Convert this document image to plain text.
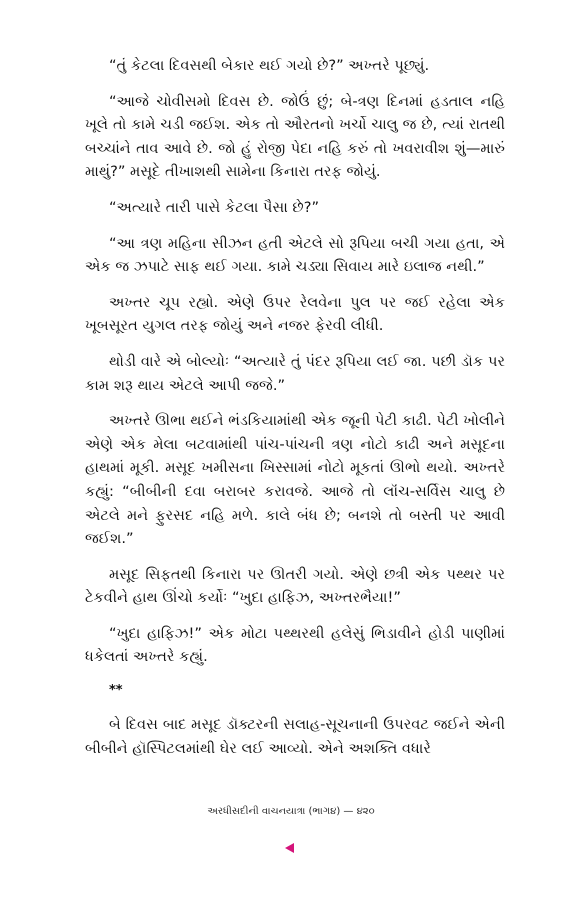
“તું કેટલા દિવસથી બેકાર થઈ ગયો છે?” અખ્તરે પૂછ્યું.

“આજે ચોવીસમો દિવસ છે. જોઉં છું; બે-ત્રણ દિનમાં હડતાલ નહિ ખૂલે તો કામે ચડી જઈશ. એક તો ઔરતનો ખર્ચો ચાલુ જ છે, ત્યાં રાતથી બચ્ચાંને તાવ આવે છે. જો હું રોજી પેદા નહિ કરું તો ખવરાવીશ શું—મારું માથું?” મસૂદે તીખાશથી સામેના કિનારા તરફ જોયું.

“અત્યારે તારી પાસે કેટલા પૈસા છે?”

“આ ત્રણ મહિના સીઝન હતી એટલે સો રૂપિયા બચી ગયા હતા, એ એક જ ઝપાટે સાફ થઈ ગયા. કામે ચડ્યા સિવાય મારે ઇલાજ નથી.”

અખ્તર ચૂપ રહ્યો. એણે ઉપર રેલવેના પુલ પર જઈ રહેલા એક ખૂબસૂરત યુગલ તરફ જોયું અને નજર ફેરવી લીધી.

થોડી વારે એ બોલ્યોઃ “અત્યારે તું પંદર રૂપિયા લઈ જા. પછી ડૉક પર કામ શરૂ થાય એટલે આપી જજે.”

અખ્તરે ઊભા થઈને ભંડકિયામાંથી એક જૂની પેટી કાઢી. પેટી ખોલીને એણે એક મેલા બટવામાંથી પાંચ-પાંચની ત્રણ નોટો કાઢી અને મસૂદના હાથમાં મૂકી. મસૂદ ખમીસના ખિસ્સામાં નોટો મૂકતાં ઊભો થયો. અખ્તરે કહ્યું: “બીબીની દવા બરાબર કરાવજે. આજે તો લૉંચ-સર્વિસ ચાલુ છે એટલે મને ફુરસદ નહિ મળે. કાલે બંધ છે; બનશે તો બસ્તી પર આવી જઈશ.”

મસૂદ સિફતથી કિનારા પર ઊતરી ગયો. એણે છત્રી એક પથ્થર પર ટેકવીને હાથ ઊંચો કર્યોઃ “ખુદા હાફિઝ, અખ્તરભૈયા!”

“ખુદા હાફિઝ!” એક મોટા પથ્થરથી હલેસું ભિડાવીને હોડી પાણીમાં ધકેલતાં અખ્તરે કહ્યું.

**

બે દિવસ બાદ મસૂદ ડૉક્ટરની સલાહ-સૂચનાની ઉપરવટ જઈને એની બીબીને હૉસ્પિટલમાંથી ઘેર લઈ આવ્યો. એને અશક્તિ વધારે

અરધીસદીની વાચનયાત્રા (ભાગ૪) — ૪૨૦
